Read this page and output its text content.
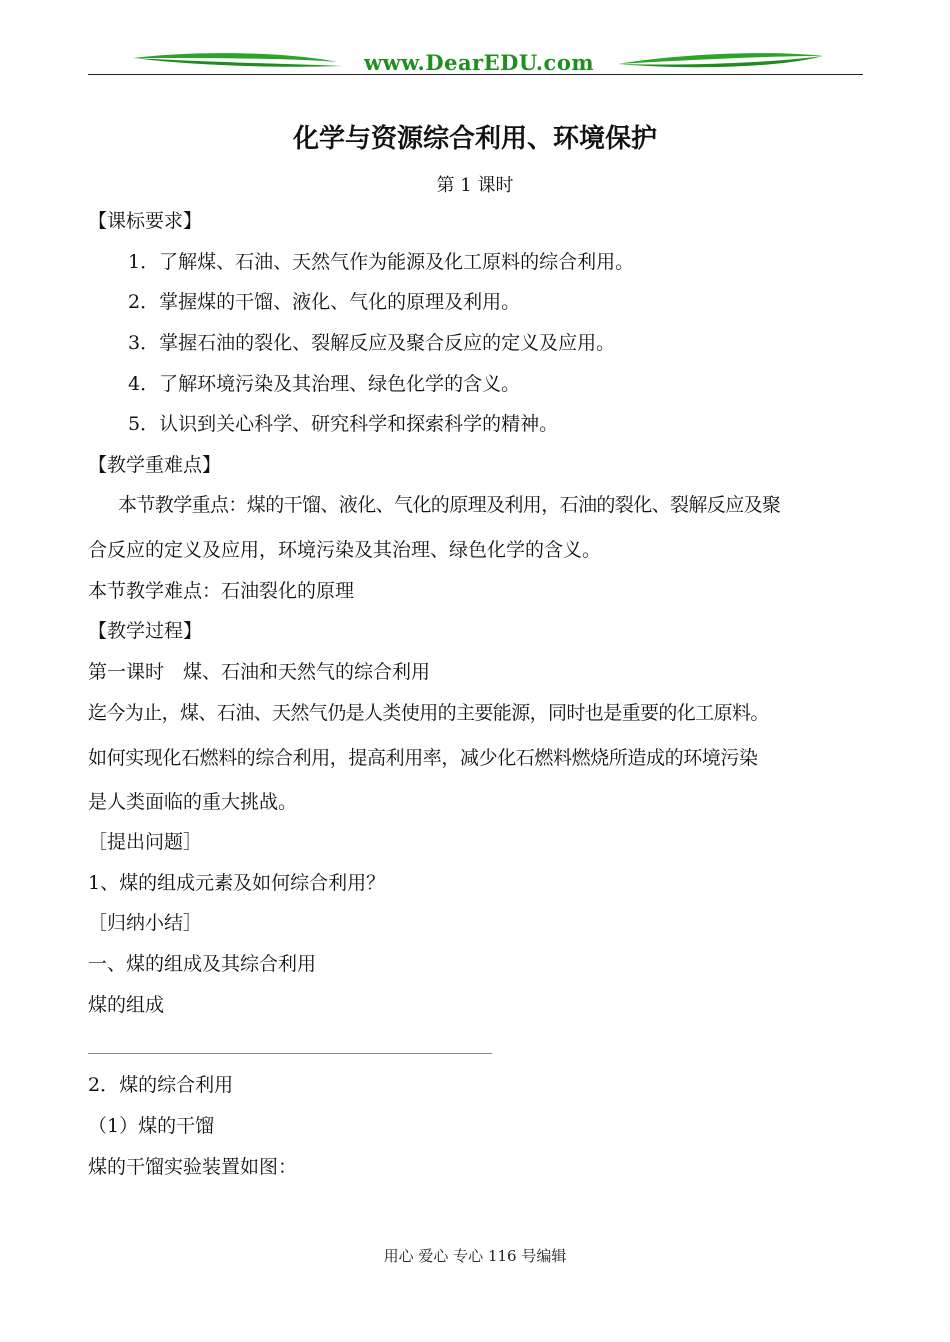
www.DearEDU.com
化学与资源综合利用、环境保护
第 1 课时
【课标要求】
1．了解煤、石油、天然气作为能源及化工原料的综合利用。
2．掌握煤的干馏、液化、气化的原理及利用。
3．掌握石油的裂化、裂解反应及聚合反应的定义及应用。
4．了解环境污染及其治理、绿色化学的含义。
5．认识到关心科学、研究科学和探索科学的精神。
【教学重难点】
本节教学重点：煤的干馏、液化、气化的原理及利用，石油的裂化、裂解反应及聚
合反应的定义及应用，环境污染及其治理、绿色化学的含义。
本节教学难点：石油裂化的原理
【教学过程】
第一课时　煤、石油和天然气的综合利用
迄今为止，煤、石油、天然气仍是人类使用的主要能源，同时也是重要的化工原料。
如何实现化石燃料的综合利用，提高利用率，减少化石燃料燃烧所造成的环境污染
是人类面临的重大挑战。
［提出问题］
1、煤的组成元素及如何综合利用？
［归纳小结］
一、煤的组成及其综合利用
煤的组成
2．煤的综合利用
（1）煤的干馏
煤的干馏实验装置如图：
用心 爱心 专心 116 号编辑
